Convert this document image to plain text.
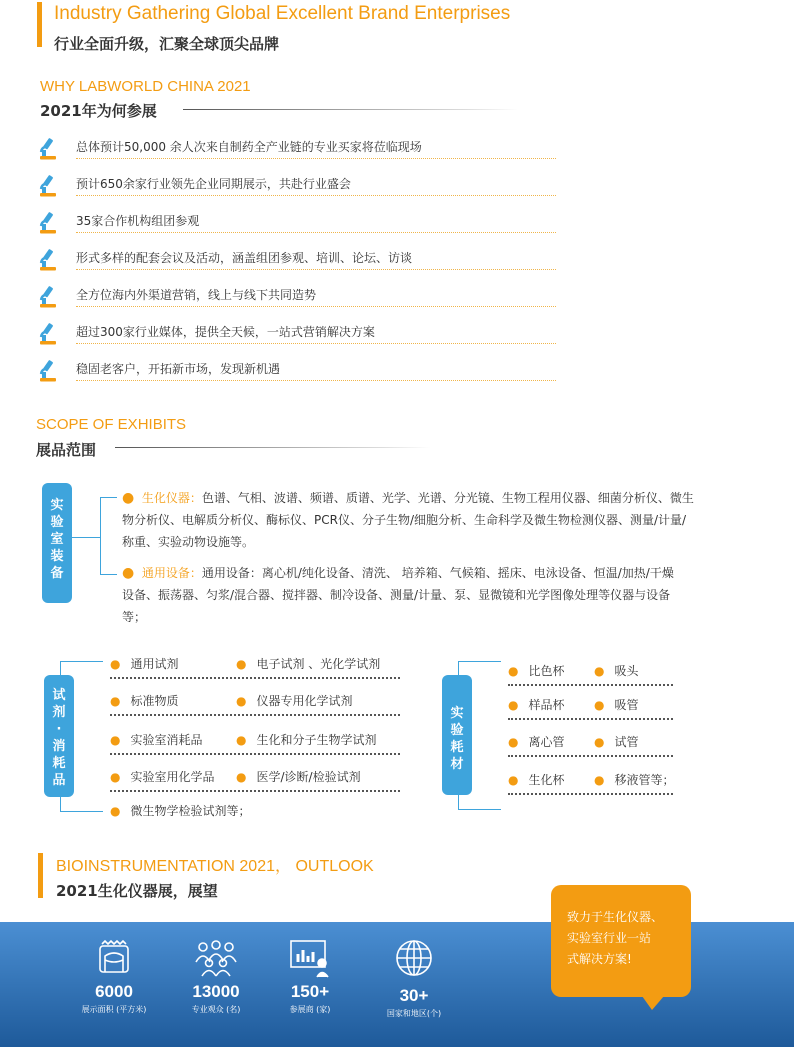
Industry Gathering Global Excellent Brand Enterprises
行业全面升级，汇聚全球顶尖品牌
WHY LABWORLD CHINA 2021
2021年为何参展
总体预计50,000 余人次来自制药全产业链的专业买家将莅临现场
预计650余家行业领先企业同期展示，共赴行业盛会
35家合作机构组团参观
形式多样的配套会议及活动，涵盖组团参观、培训、论坛、访谈
全方位海内外渠道营销，线上与线下共同造势
超过300家行业媒体，提供全天候，一站式营销解决方案
稳固老客户，开拓新市场，发现新机遇
SCOPE OF EXHIBITS
展品范围
实验室装备
● 生化仪器：色谱、气相、波谱、频谱、质谱、光学、光谱、分光镜、生物工程用仪器、细菌分析仪、微生物分析仪、电解质分析仪、酶标仪、PCR仪、分子生物/细胞分析、生命科学及微生物检测仪器、测量/计量/称重、实验动物设施等。
● 通用设备：通用设备：离心机/纯化设备、清洗、 培养箱、气候箱、摇床、电泳设备、恒温/加热/干燥设备、振荡器、匀浆/混合器、搅拌器、制冷设备、测量/计量、泵、显微镜和光学图像处理等仪器与设备等；
试剂·消耗品
● 通用试剂	● 电子试剂 、光化学试剂
● 标准物质	● 仪器专用化学试剂
● 实验室消耗品	● 生化和分子生物学试剂
● 实验室用化学品 ● 医学/诊断/检验试剂
● 微生物学检验试剂等；
实验耗材
● 比色杯 ● 吸头
● 样品杯 ● 吸管
● 离心管 ● 试管
● 生化杯 ● 移液管等；
BIOINSTRUMENTATION 2021， OUTLOOK
2021生化仪器展，展望
6000
展示面积 (平方米)
13000
专业观众 (名)
150+
参展商 (家)
30+
国家和地区(个)
致力于生化仪器、
实验室行业一站
式解决方案!
